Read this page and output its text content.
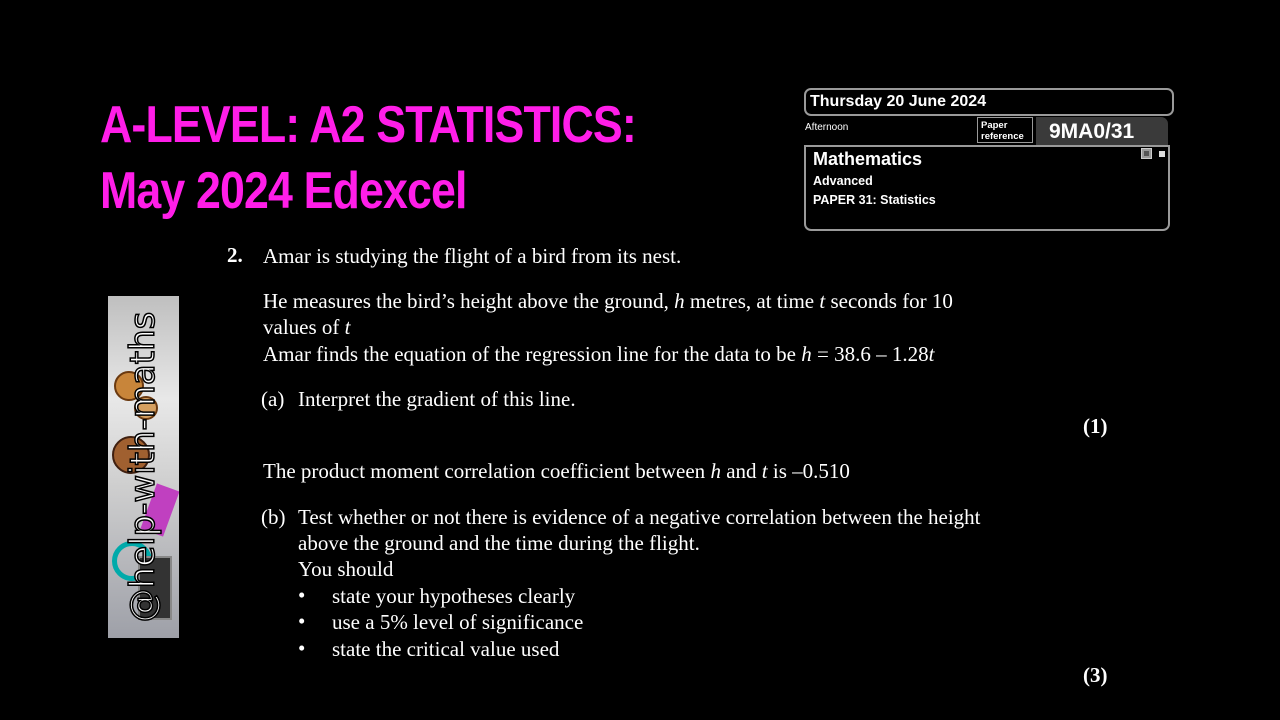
A-LEVEL: A2 STATISTICS:
May 2024 Edexcel
Thursday 20 June 2024
Afternoon	Paper
reference	9MA0/31
Mathematics
Advanced
PAPER 31: Statistics
@help-with-maths
2. Amar is studying the flight of a bird from its nest.
He measures the bird’s height above the ground, h metres, at time t seconds for 10
values of t
Amar finds the equation of the regression line for the data to be h = 38.6 – 1.28t
(a) Interpret the gradient of this line.
(1)
The product moment correlation coefficient between h and t is –0.510
(b) Test whether or not there is evidence of a negative correlation between the height
above the ground and the time during the flight.
You should
• state your hypotheses clearly
• use a 5% level of significance
• state the critical value used
(3)
